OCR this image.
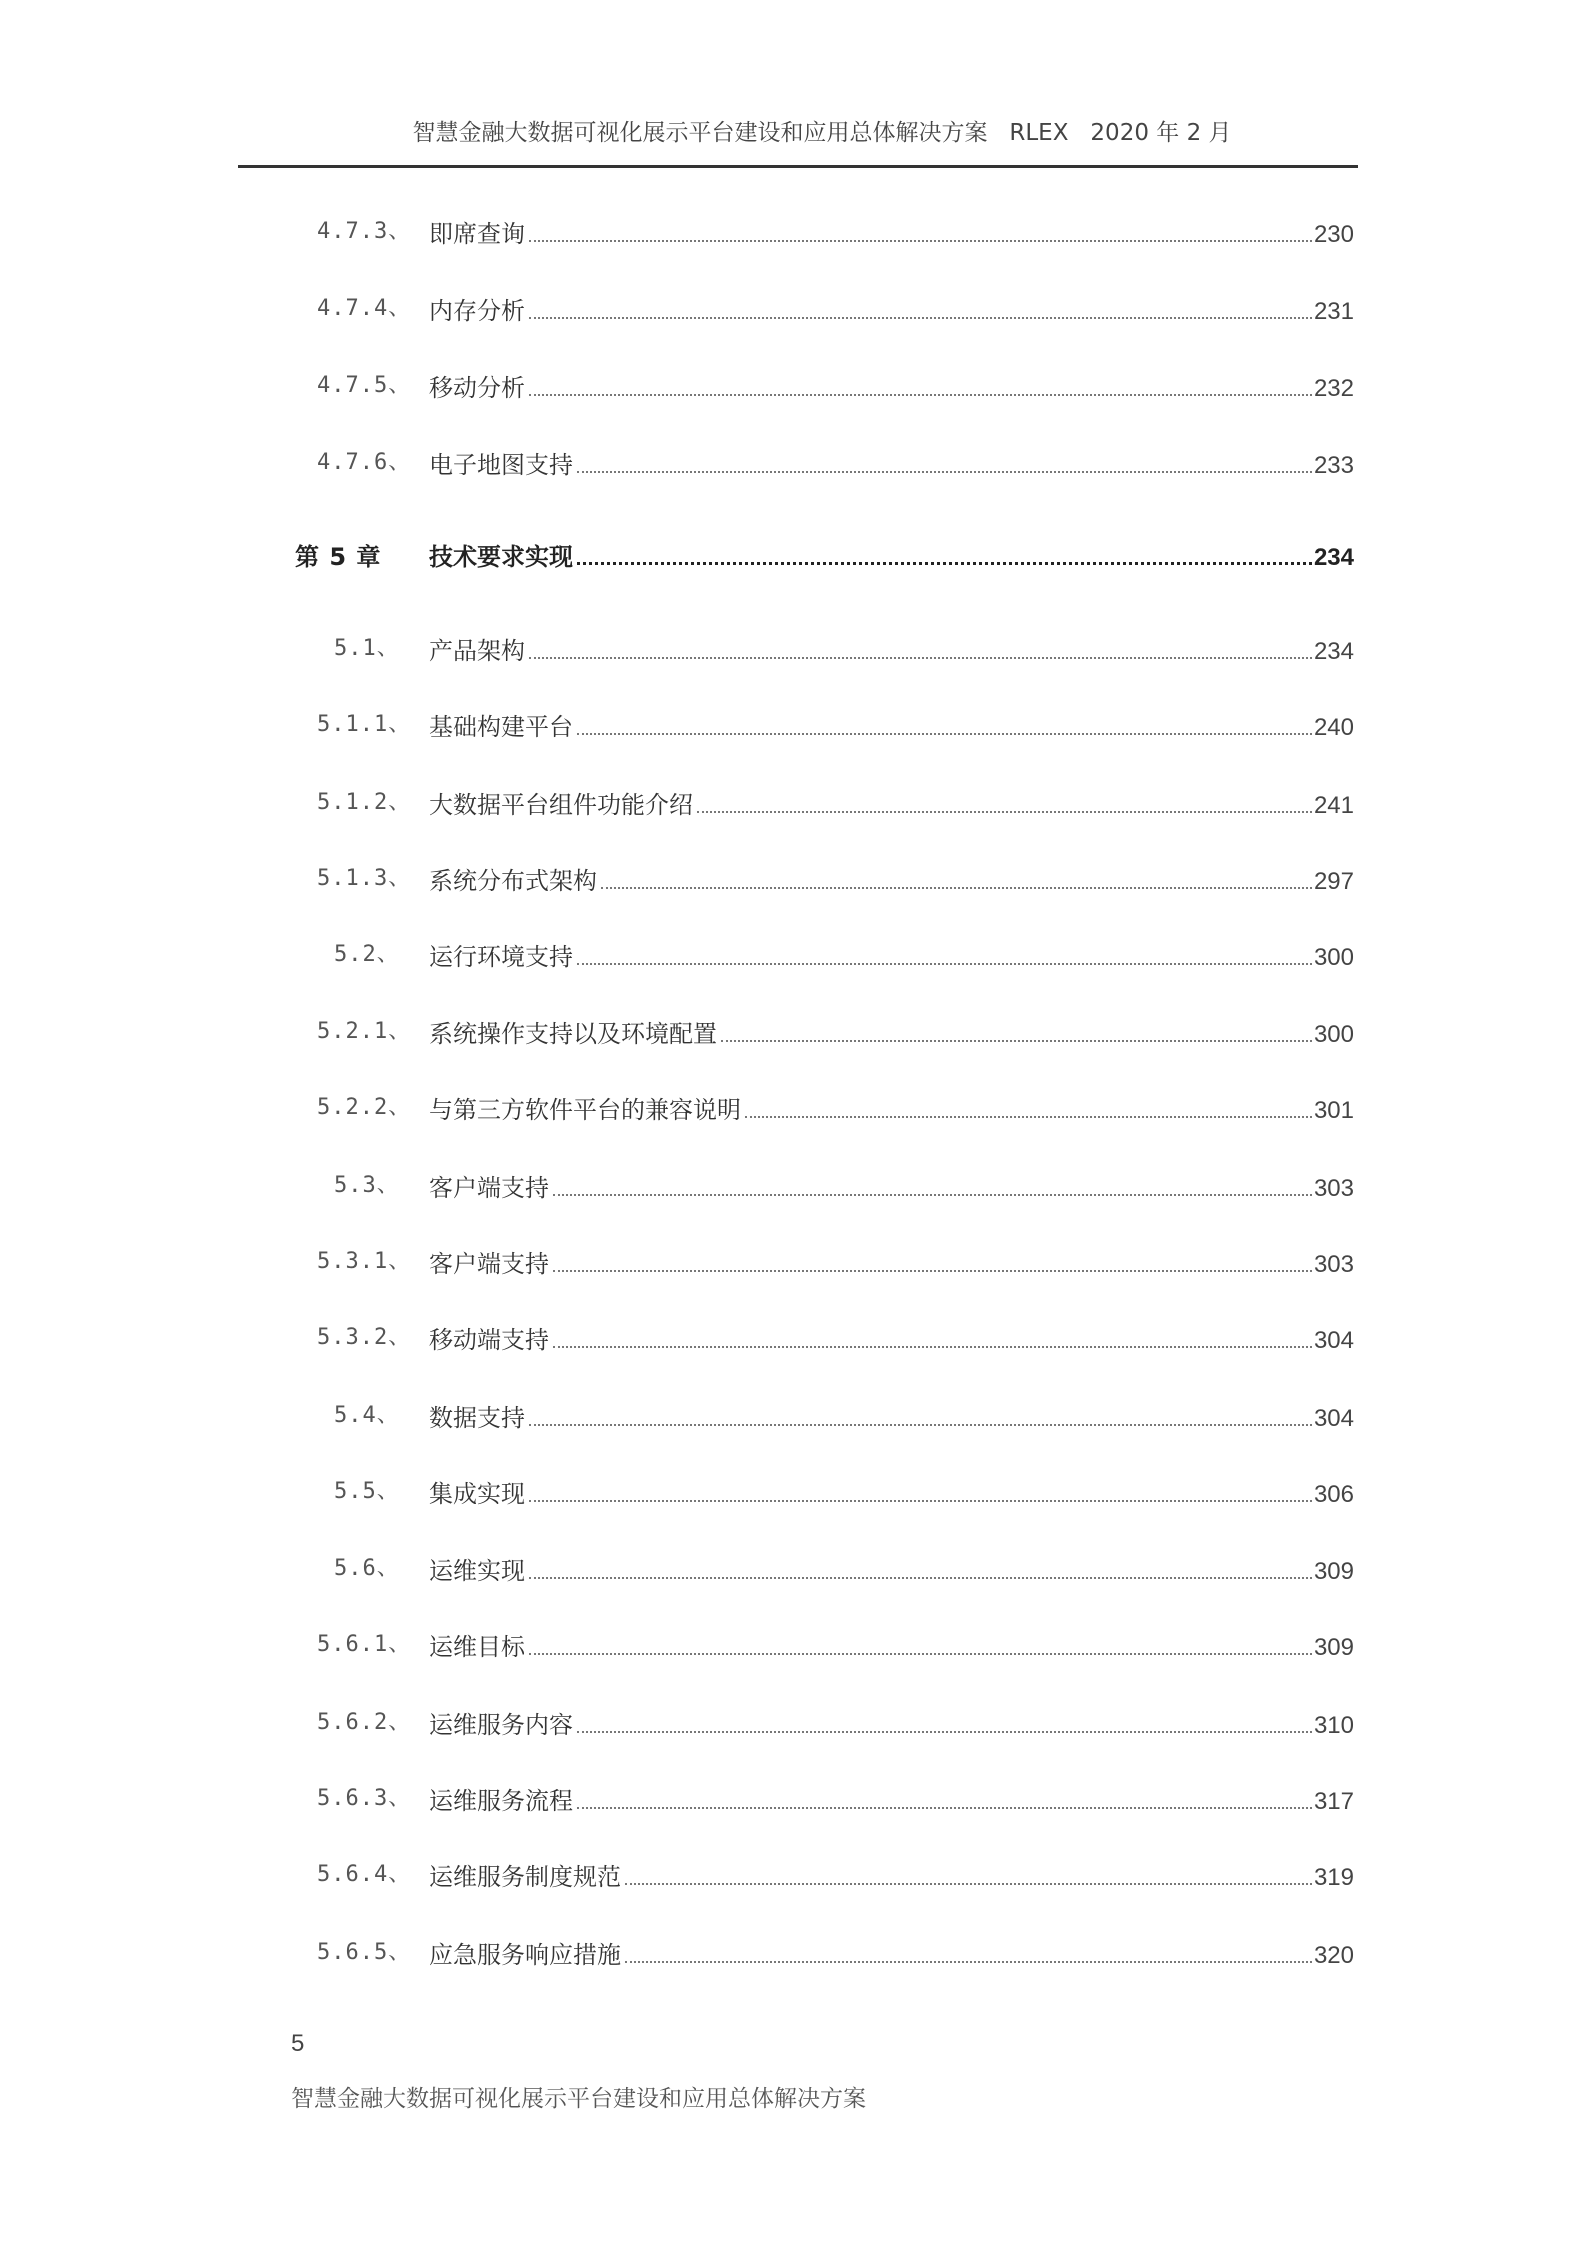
智慧金融大数据可视化展示平台建设和应用总体解决方案 RLEX 2020 年 2 月
4.7.3、 即席查询	230
4.7.4、 内存分析	231
4.7.5、 移动分析	232
4.7.6、 电子地图支持	233
第 5 章 技术要求实现	234
5.1、 产品架构	234
5.1.1、 基础构建平台	240
5.1.2、 大数据平台组件功能介绍	241
5.1.3、 系统分布式架构	297
5.2、 运行环境支持	300
5.2.1、 系统操作支持以及环境配置	300
5.2.2、 与第三方软件平台的兼容说明	301
5.3、 客户端支持	303
5.3.1、 客户端支持	303
5.3.2、 移动端支持	304
5.4、 数据支持	304
5.5、 集成实现	306
5.6、 运维实现	309
5.6.1、 运维目标	309
5.6.2、 运维服务内容	310
5.6.3、 运维服务流程	317
5.6.4、 运维服务制度规范	319
5.6.5、 应急服务响应措施	320
5
智慧金融大数据可视化展示平台建设和应用总体解决方案
